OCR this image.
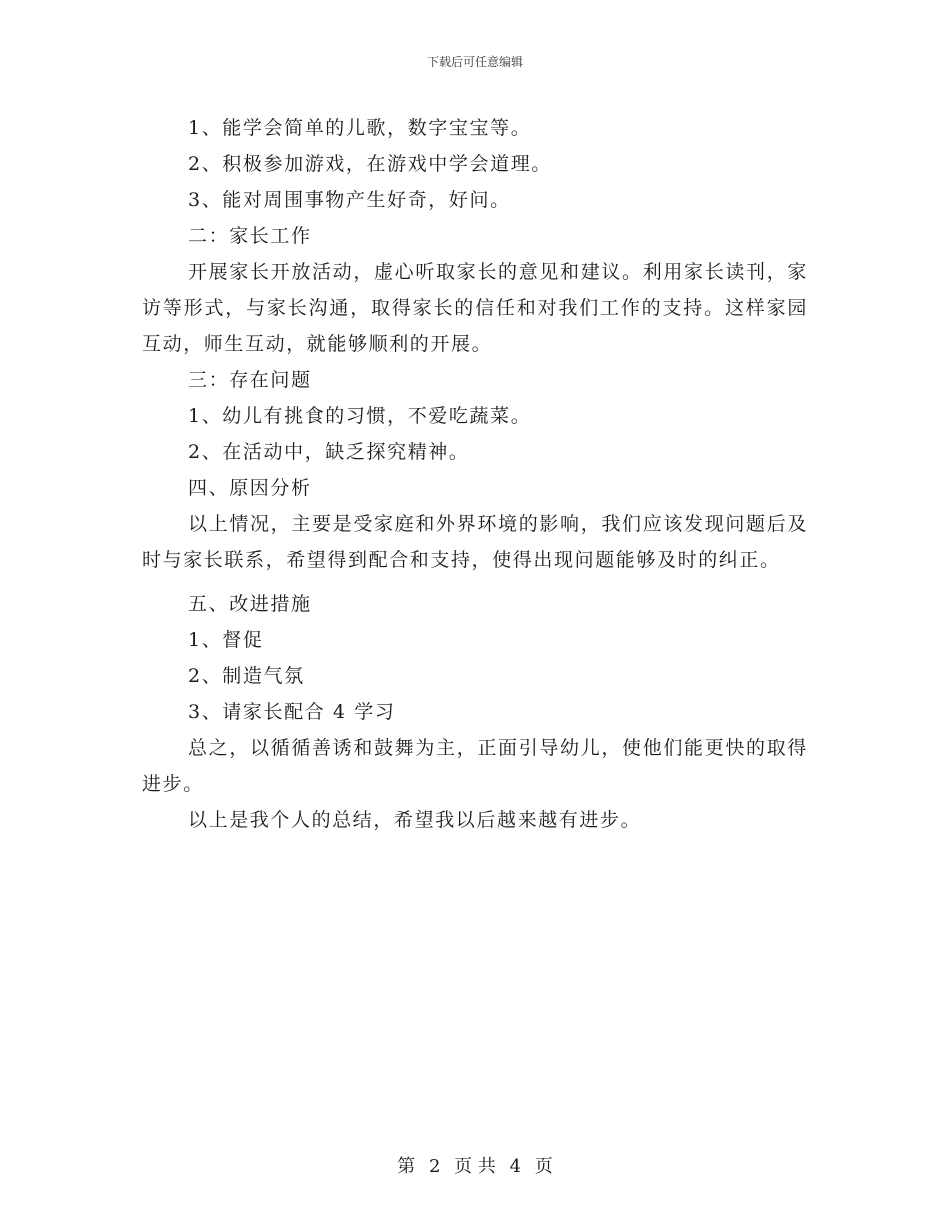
下载后可任意编辑

1、能学会简单的儿歌，数字宝宝等。

2、积极参加游戏，在游戏中学会道理。

3、能对周围事物产生好奇，好问。

二：家长工作

开展家长开放活动，虚心听取家长的意见和建议。利用家长读刊，家访等形式，与家长沟通，取得家长的信任和对我们工作的支持。这样家园互动，师生互动，就能够顺利的开展。

三：存在问题

1、幼儿有挑食的习惯，不爱吃蔬菜。

2、在活动中，缺乏探究精神。

四、原因分析

以上情况，主要是受家庭和外界环境的影响，我们应该发现问题后及时与家长联系，希望得到配合和支持，使得出现问题能够及时的纠正。

五、改进措施

1、督促

2、制造气氛

3、请家长配合 4 学习

总之，以循循善诱和鼓舞为主，正面引导幼儿，使他们能更快的取得进步。

以上是我个人的总结，希望我以后越来越有进步。

第 2 页 共 4 页
